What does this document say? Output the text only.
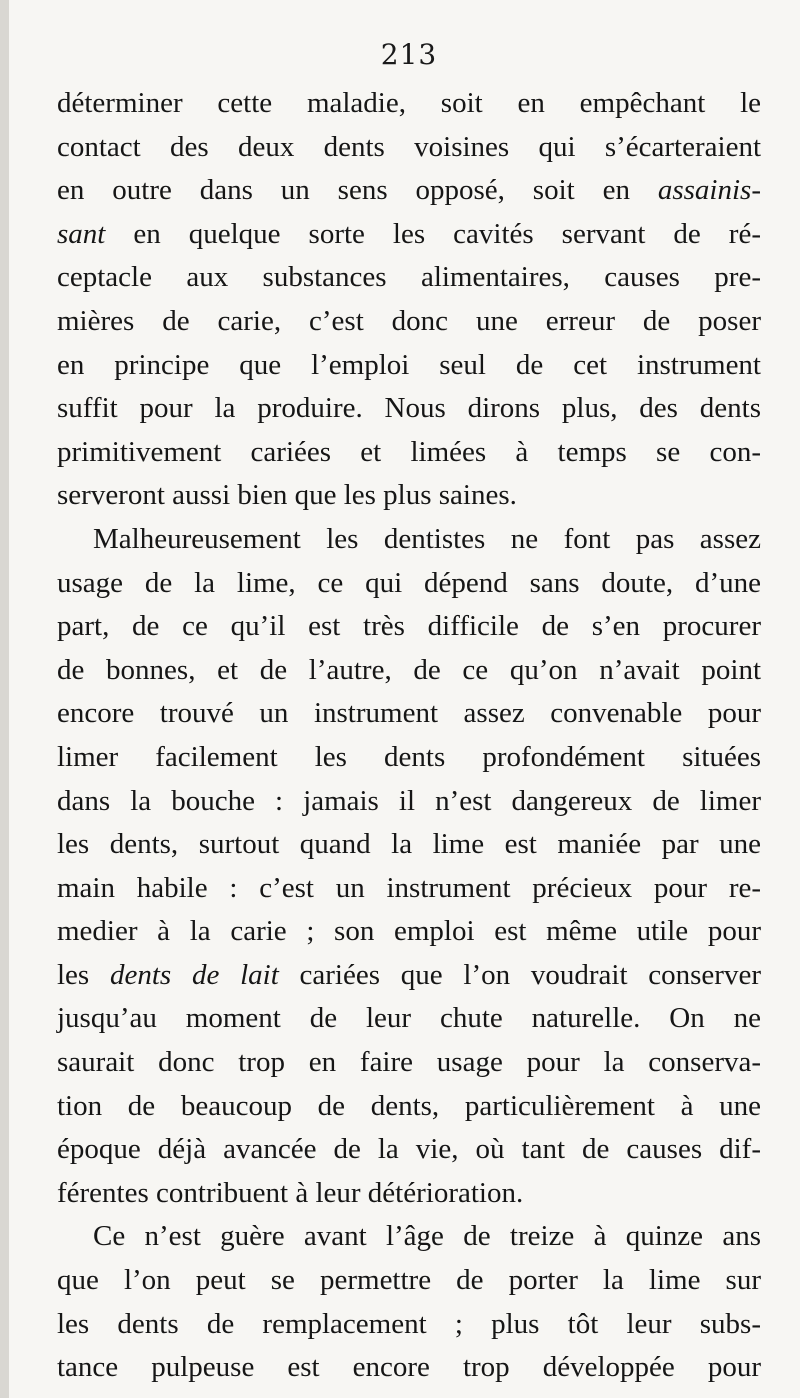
213
déterminer cette maladie, soit en empêchant le
contact des deux dents voisines qui s’écarteraient
en outre dans un sens opposé, soit en assainis-
sant en quelque sorte les cavités servant de ré-
ceptacle aux substances alimentaires, causes pre-
mières de carie, c’est donc une erreur de poser
en principe que l’emploi seul de cet instrument
suffit pour la produire. Nous dirons plus, des dents
primitivement cariées et limées à temps se con-
serveront aussi bien que les plus saines.
Malheureusement les dentistes ne font pas assez
usage de la lime, ce qui dépend sans doute, d’une
part, de ce qu’il est très difficile de s’en procurer
de bonnes, et de l’autre, de ce qu’on n’avait point
encore trouvé un instrument assez convenable pour
limer facilement les dents profondément situées
dans la bouche : jamais il n’est dangereux de limer
les dents, surtout quand la lime est maniée par une
main habile : c’est un instrument précieux pour re-
medier à la carie ; son emploi est même utile pour
les dents de lait cariées que l’on voudrait conserver
jusqu’au moment de leur chute naturelle. On ne
saurait donc trop en faire usage pour la conserva-
tion de beaucoup de dents, particulièrement à une
époque déjà avancée de la vie, où tant de causes dif-
férentes contribuent à leur détérioration.
Ce n’est guère avant l’âge de treize à quinze ans
que l’on peut se permettre de porter la lime sur
les dents de remplacement ; plus tôt leur subs-
tance pulpeuse est encore trop développée pour
